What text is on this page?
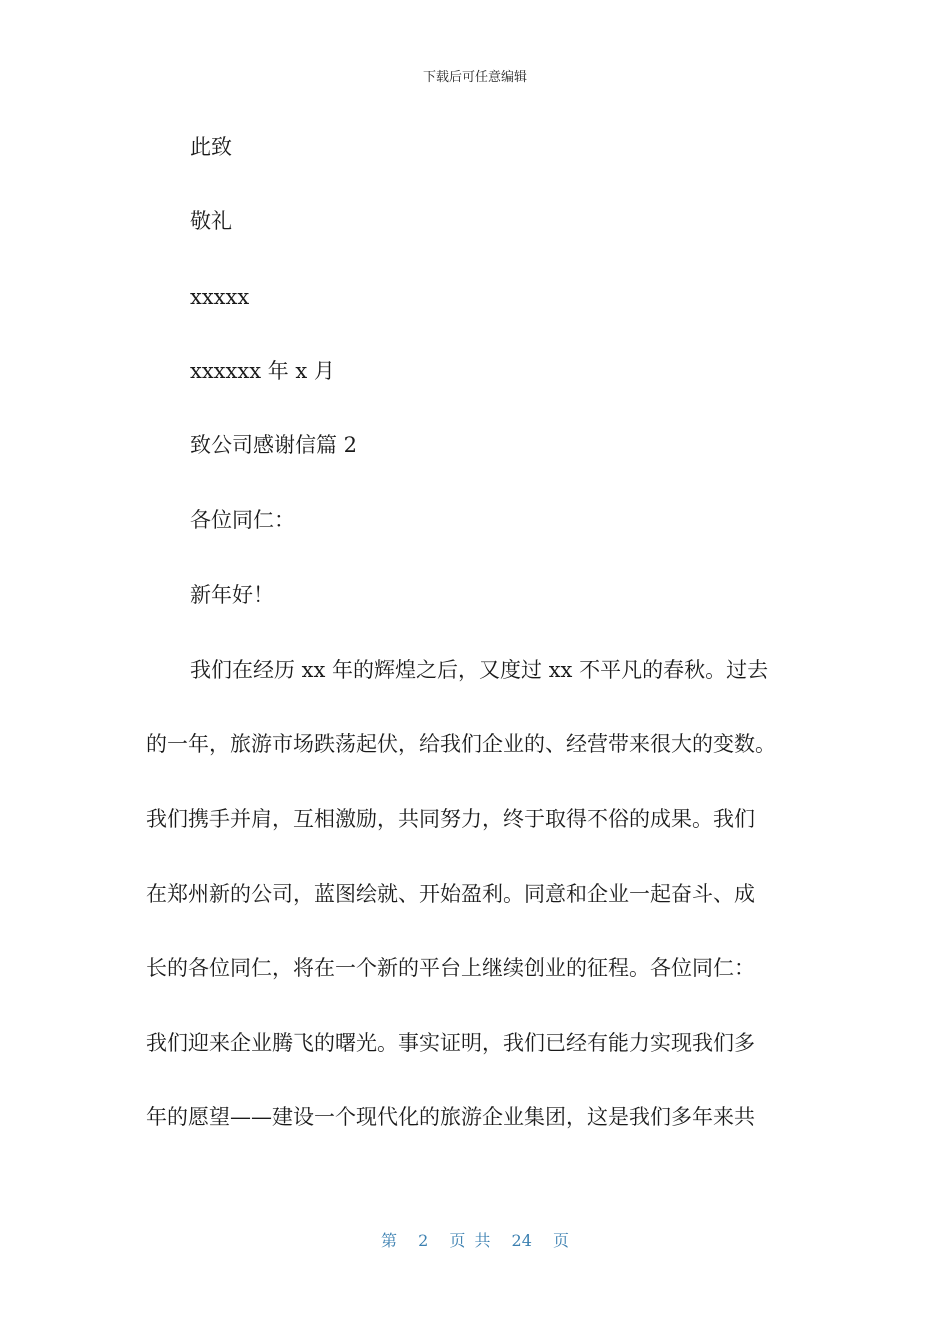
下载后可任意编辑
此致
敬礼
xxxxx
xxxxxx 年 x 月
致公司感谢信篇 2
各位同仁：
新年好！
我们在经历 xx 年的辉煌之后，又度过 xx 不平凡的春秋。过去
的一年，旅游市场跌荡起伏，给我们企业的、经营带来很大的变数。
我们携手并肩，互相激励，共同努力，终于取得不俗的成果。我们
在郑州新的公司，蓝图绘就、开始盈利。同意和企业一起奋斗、成
长的各位同仁，将在一个新的平台上继续创业的征程。各位同仁：
我们迎来企业腾飞的曙光。事实证明，我们已经有能力实现我们多
年的愿望——建设一个现代化的旅游企业集团，这是我们多年来共
第 2 页 共 24 页
